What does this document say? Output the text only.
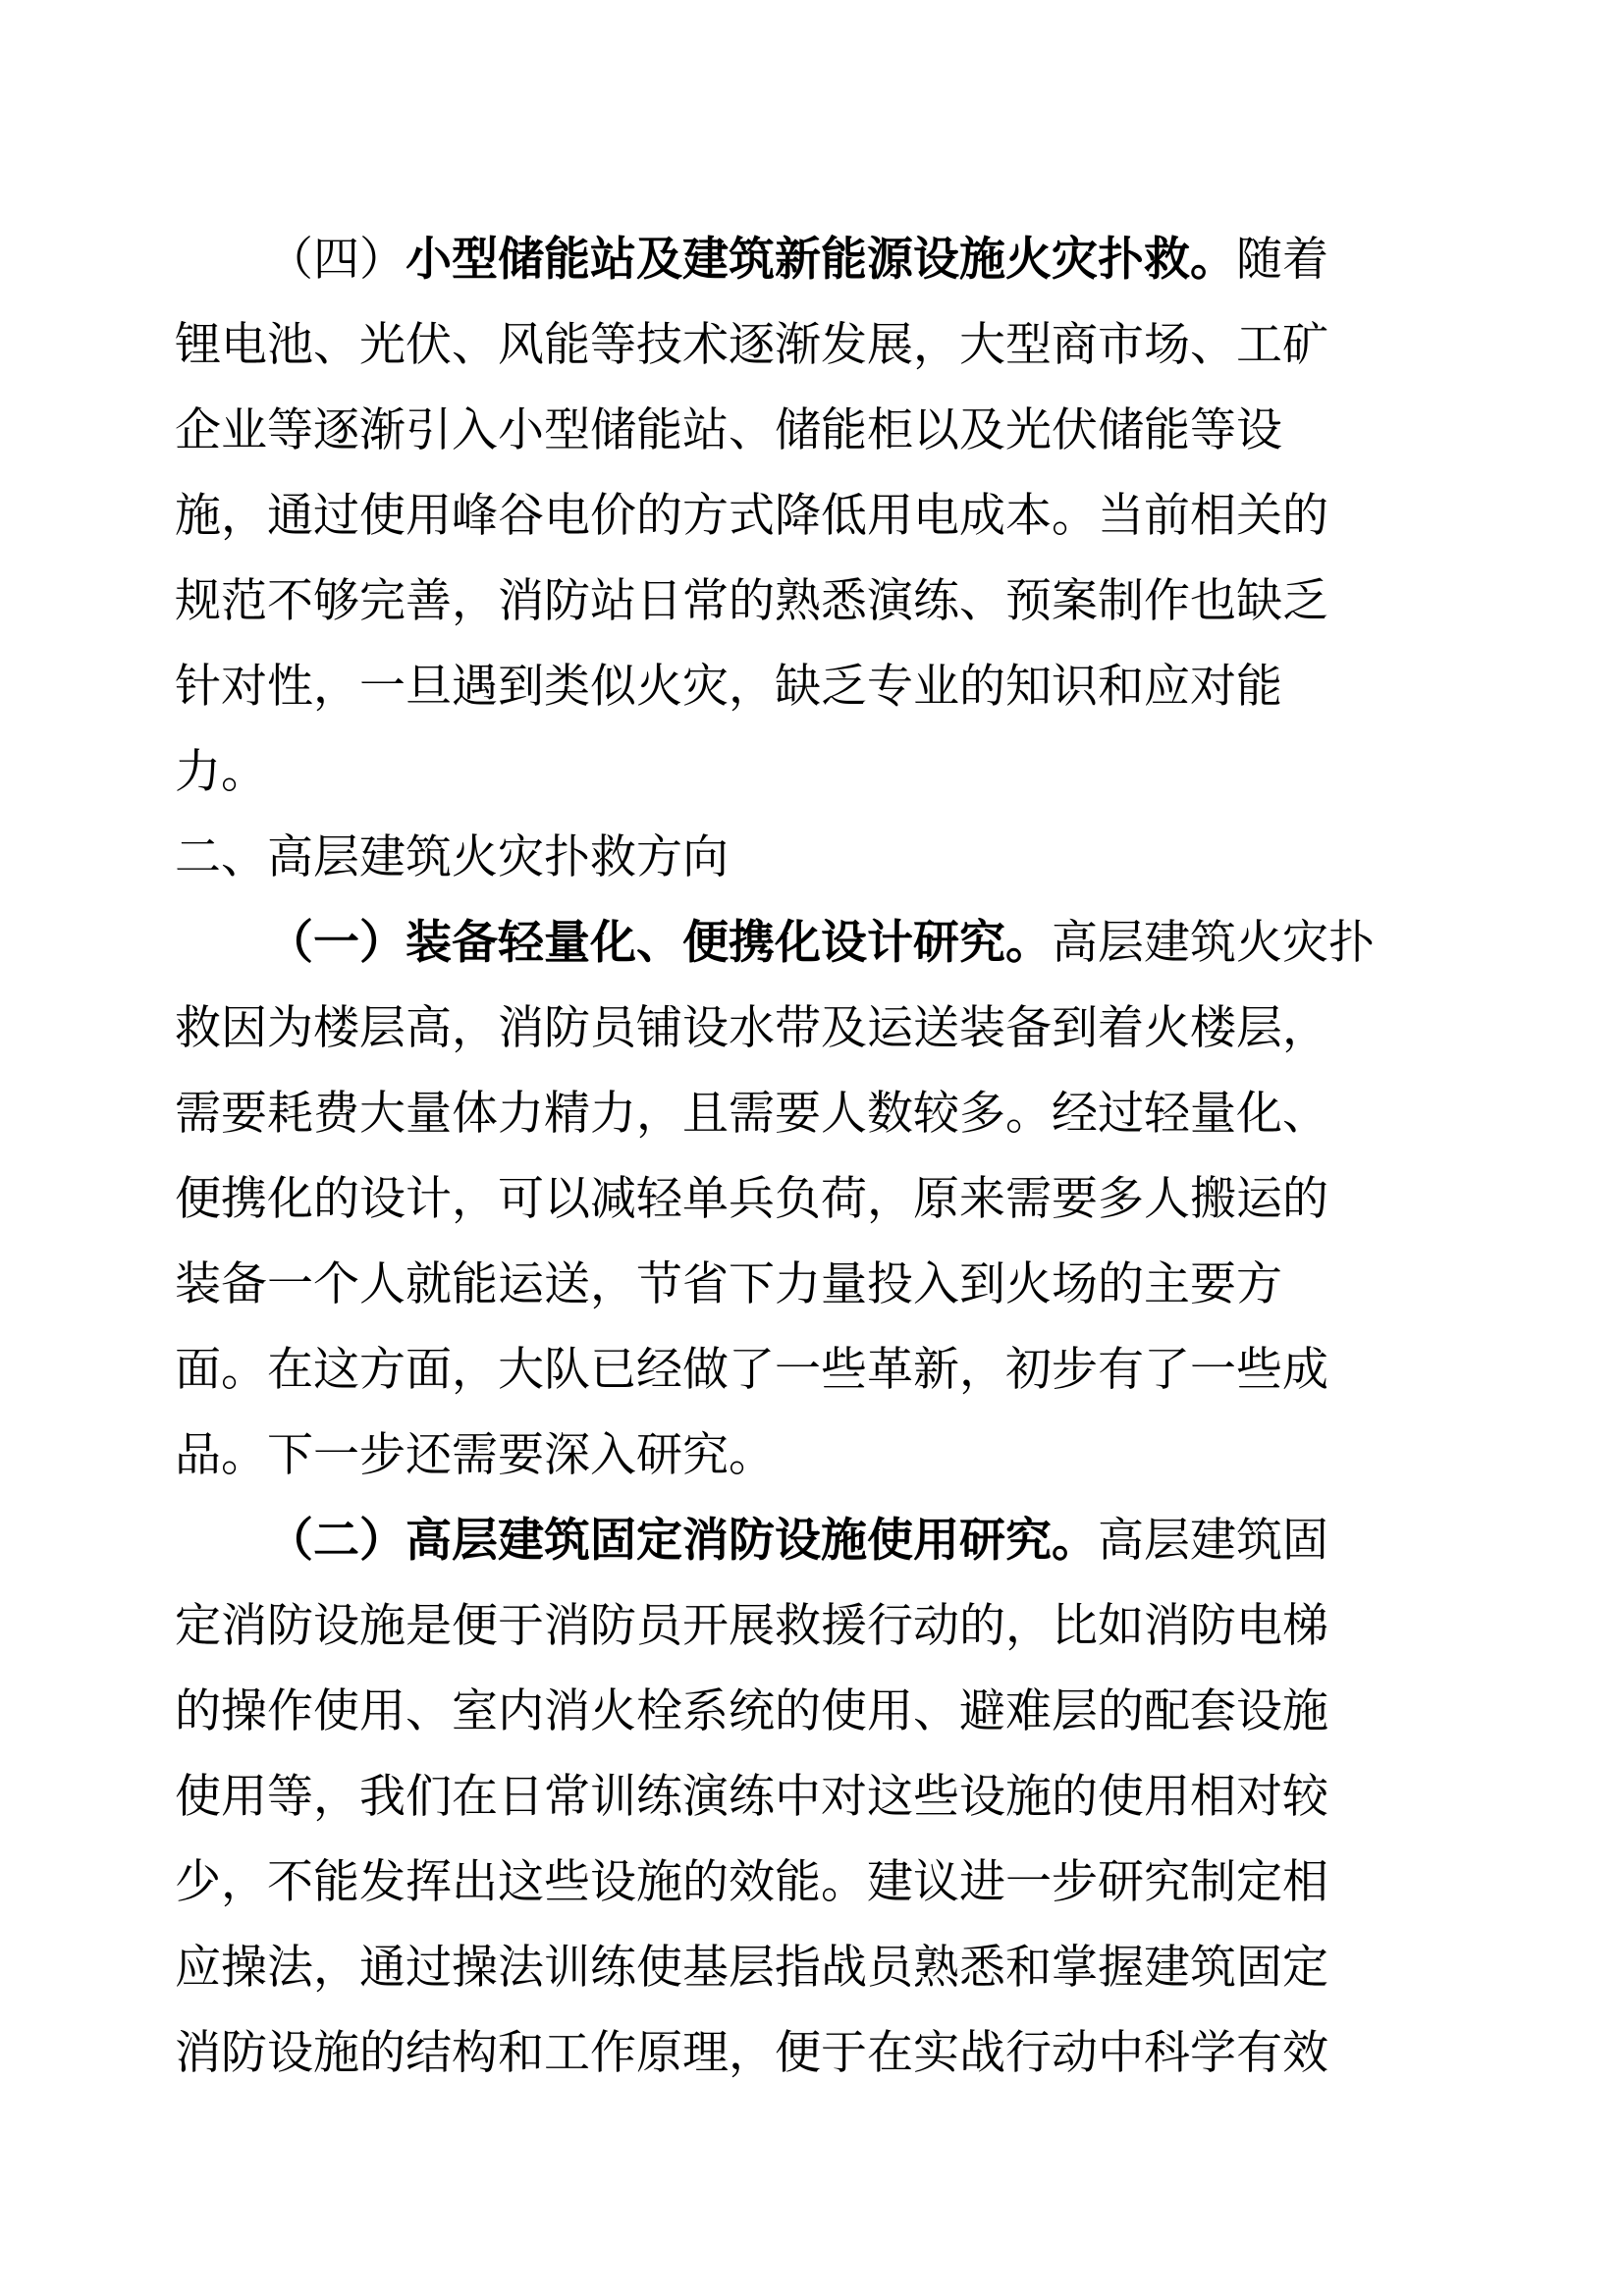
（四）小型储能站及建筑新能源设施火灾扑救。随着
锂电池、光伏、风能等技术逐渐发展，大型商市场、工矿
企业等逐渐引入小型储能站、储能柜以及光伏储能等设
施，通过使用峰谷电价的方式降低用电成本。当前相关的
规范不够完善，消防站日常的熟悉演练、预案制作也缺乏
针对性，一旦遇到类似火灾，缺乏专业的知识和应对能
力。
二、高层建筑火灾扑救方向
（一）装备轻量化、便携化设计研究。高层建筑火灾扑
救因为楼层高，消防员铺设水带及运送装备到着火楼层，
需要耗费大量体力精力，且需要人数较多。经过轻量化、
便携化的设计，可以减轻单兵负荷，原来需要多人搬运的
装备一个人就能运送，节省下力量投入到火场的主要方
面。在这方面，大队已经做了一些革新，初步有了一些成
品。下一步还需要深入研究。
（二）高层建筑固定消防设施使用研究。高层建筑固
定消防设施是便于消防员开展救援行动的，比如消防电梯
的操作使用、室内消火栓系统的使用、避难层的配套设施
使用等，我们在日常训练演练中对这些设施的使用相对较
少，不能发挥出这些设施的效能。建议进一步研究制定相
应操法，通过操法训练使基层指战员熟悉和掌握建筑固定
消防设施的结构和工作原理，便于在实战行动中科学有效
